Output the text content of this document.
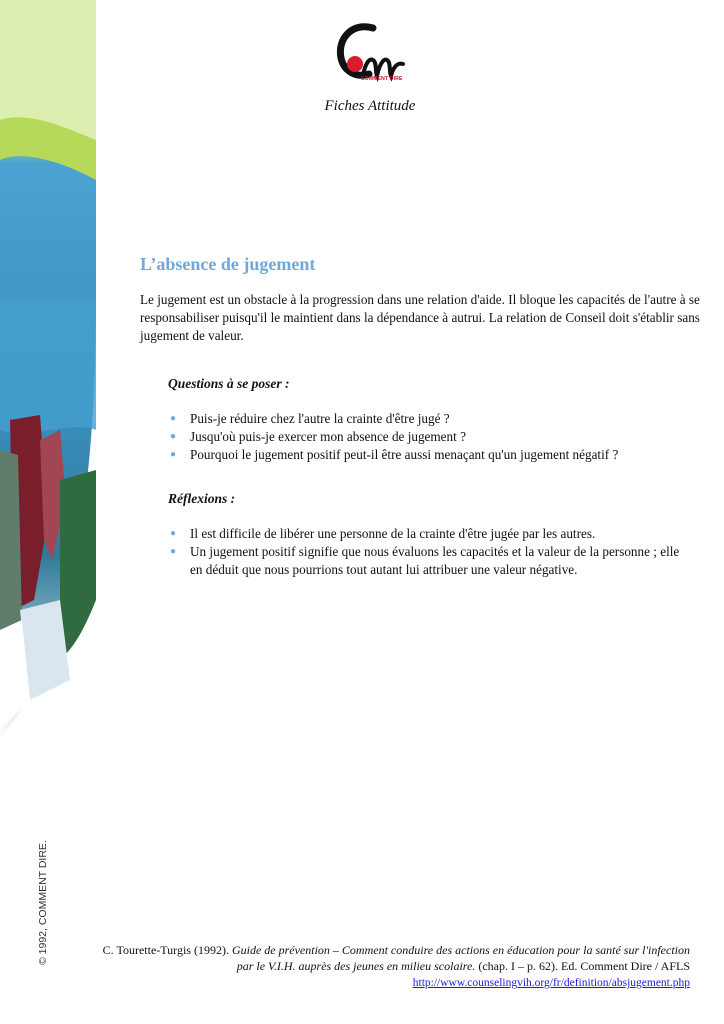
COMMENT DIRE
Fiches Attitude
L’absence de jugement

Le jugement est un obstacle à la progression dans une relation d'aide. Il bloque les capacités de l'autre à se responsabiliser puisqu'il le maintient dans la dépendance à autrui. La relation de Conseil doit s'établir sans jugement de valeur.

Questions à se poser :
● Puis-je réduire chez l'autre la crainte d'être jugé ?
● Jusqu'où puis-je exercer mon absence de jugement ?
● Pourquoi le jugement positif peut-il être aussi menaçant qu'un jugement négatif ?
Réflexions :
● Il est difficile de libérer une personne de la crainte d'être jugée par les autres.
● Un jugement positif signifie que nous évaluons les capacités et la valeur de la personne ; elle en déduit que nous pourrions tout autant lui attribuer une valeur négative.
© 1992, COMMENT DIRE.	C. Tourette-Turgis (1992). Guide de prévention – Comment conduire des actions en éducation pour la santé sur l'infection par le V.I.H. auprès des jeunes en milieu scolaire. (chap. I – p. 62). Ed. Comment Dire / AFLS
http://www.counselingvih.org/fr/definition/absjugement.php
